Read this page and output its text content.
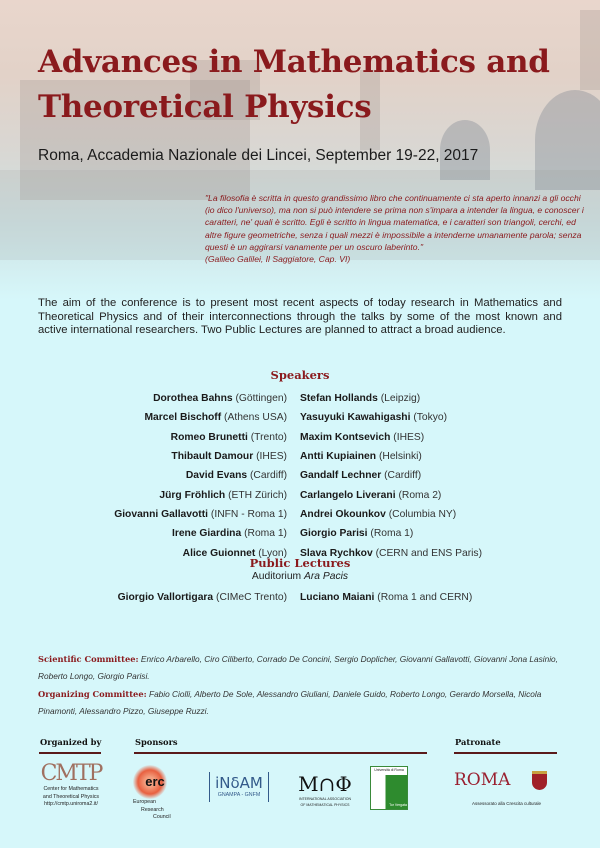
Advances in Mathematics and Theoretical Physics
Roma, Accademia Nazionale dei Lincei, September 19-22, 2017
"La filosofia è scritta in questo grandissimo libro che continuamente ci sta aperto innanzi a gli occhi (io dico l'universo), ma non si può intendere se prima non s'impara a intender la lingua, e conoscer i caratteri, ne' quali è scritto. Egli è scritto in lingua matematica, e i caratteri son triangoli, cerchi, ed altre figure geometriche, senza i quali mezzi è impossibile a intenderne umanamente parola; senza questi è un aggirarsi vanamente per un oscuro laberinto."
(Galileo Galilei, Il Saggiatore, Cap. VI)
The aim of the conference is to present most recent aspects of today research in Mathematics and Theoretical Physics and of their interconnections through the talks by some of the most known and active international researchers. Two Public Lectures are planned to attract a broad audience.
Speakers
Dorothea Bahns (Göttingen)	Stefan Hollands (Leipzig)
Marcel Bischoff (Athens USA)	Yasuyuki Kawahigashi (Tokyo)
Romeo Brunetti (Trento)	Maxim Kontsevich (IHES)
Thibault Damour (IHES)	Antti Kupiainen (Helsinki)
David Evans (Cardiff)	Gandalf Lechner (Cardiff)
Jürg Fröhlich (ETH Zürich)	Carlangelo Liverani (Roma 2)
Giovanni Gallavotti (INFN - Roma 1)	Andrei Okounkov (Columbia NY)
Irene Giardina (Roma 1)	Giorgio Parisi (Roma 1)
Alice Guionnet (Lyon)	Slava Rychkov (CERN and ENS Paris)
Public Lectures
Auditorium Ara Pacis
Giorgio Vallortigara (CIMeC Trento)	Luciano Maiani (Roma 1 and CERN)
Scientific Committee: Enrico Arbarello, Ciro Ciliberto, Corrado De Concini, Sergio Doplicher, Giovanni Gallavotti, Giovanni Jona Lasinio, Roberto Longo, Giorgio Parisi.
Organizing Committee: Fabio Ciolli, Alberto De Sole, Alessandro Giuliani, Daniele Guido, Roberto Longo, Gerardo Morsella, Nicola Pinamonti, Alessandro Pizzo, Giuseppe Ruzzi.
Organized by	Sponsors	Patronate
CMTP
Center for Mathematics
and Theoretical Physics
http://cmtp.uniroma2.it/
erc
European
Research
Council
iNδAM
GNAMPA - GNFM	M∩Φ
INTERNATIONAL ASSOCIATION
OF MATHEMATICAL PHYSICS
Università di Roma
Tor Vergata
ROMA
Assessorato alla Crescita culturale
